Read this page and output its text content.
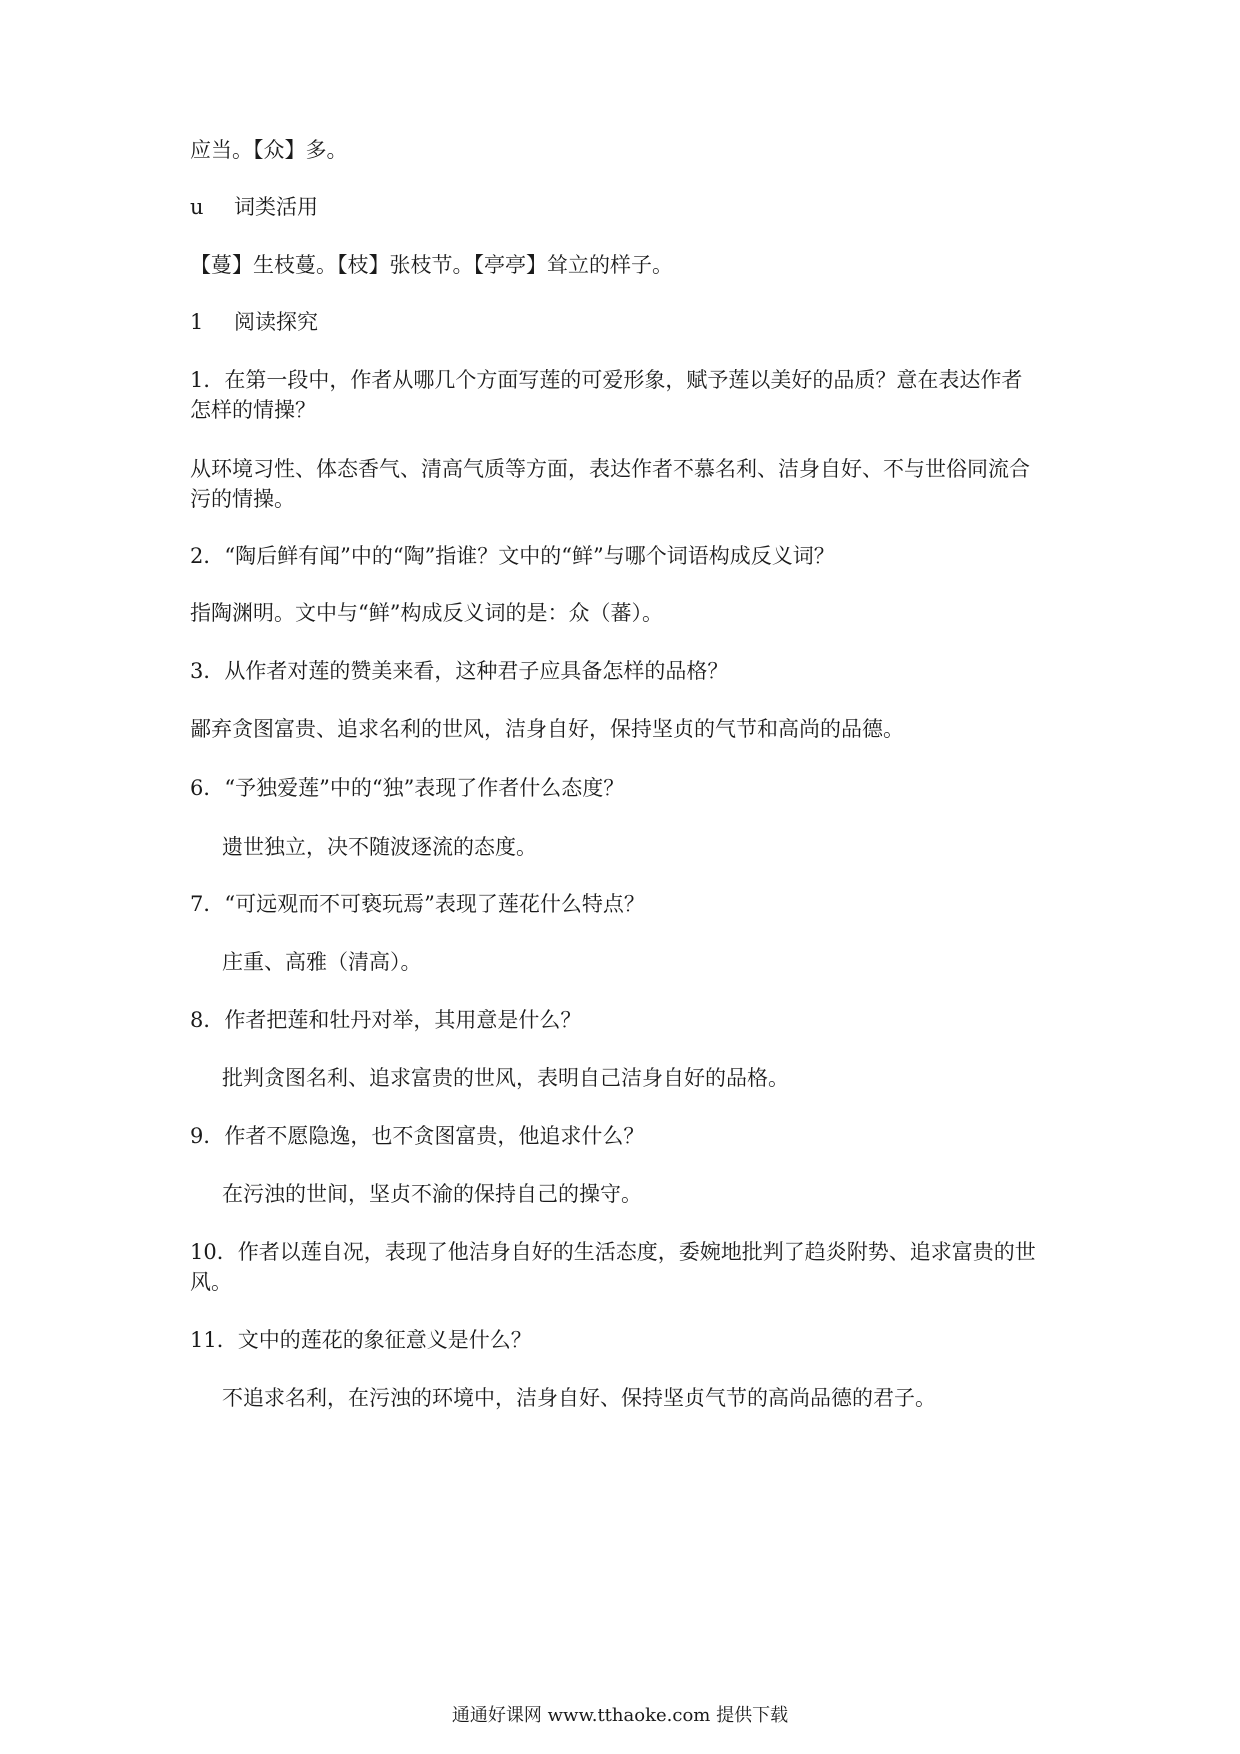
应当。【众】多。
u 词类活用
【蔓】生枝蔓。【枝】张枝节。【亭亭】耸立的样子。
1 阅读探究
1．在第一段中，作者从哪几个方面写莲的可爱形象，赋予莲以美好的品质？意在表达作者
怎样的情操？
从环境习性、体态香气、清高气质等方面，表达作者不慕名利、洁身自好、不与世俗同流合
污的情操。
2．“陶后鲜有闻”中的“陶”指谁？文中的“鲜”与哪个词语构成反义词？
指陶渊明。文中与“鲜”构成反义词的是：众（蕃）。
3．从作者对莲的赞美来看，这种君子应具备怎样的品格？
鄙弃贪图富贵、追求名利的世风，洁身自好，保持坚贞的气节和高尚的品德。
6．“予独爱莲”中的“独”表现了作者什么态度？
遗世独立，决不随波逐流的态度。
7．“可远观而不可亵玩焉”表现了莲花什么特点？
庄重、高雅（清高）。
8．作者把莲和牡丹对举，其用意是什么？
批判贪图名利、追求富贵的世风，表明自己洁身自好的品格。
9．作者不愿隐逸，也不贪图富贵，他追求什么？
在污浊的世间，坚贞不渝的保持自己的操守。
10．作者以莲自况，表现了他洁身自好的生活态度，委婉地批判了趋炎附势、追求富贵的世
风。
11．文中的莲花的象征意义是什么？
不追求名利，在污浊的环境中，洁身自好、保持坚贞气节的高尚品德的君子。
通通好课网 www.tthaoke.com 提供下载
